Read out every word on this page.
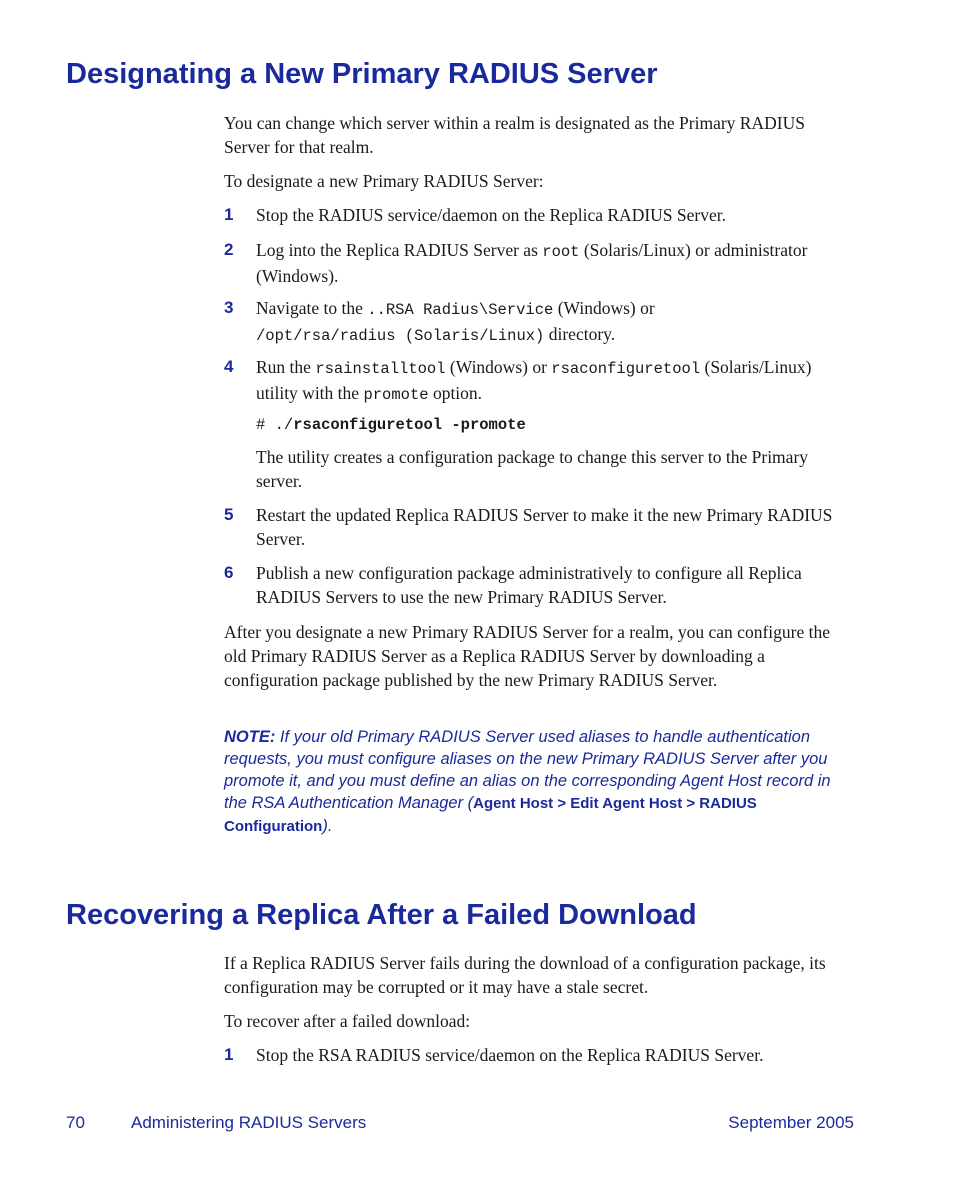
Designating a New Primary RADIUS Server

You can change which server within a realm is designated as the Primary RADIUS Server for that realm.

To designate a new Primary RADIUS Server:

1 Stop the RADIUS service/daemon on the Replica RADIUS Server.
2 Log into the Replica RADIUS Server as root (Solaris/Linux) or administrator (Windows).
3 Navigate to the ..RSA Radius\Service (Windows) or
/opt/rsa/radius (Solaris/Linux) directory.
4 Run the rsainstalltool (Windows) or rsaconfiguretool (Solaris/Linux) utility with the promote option.
# ./rsaconfiguretool -promote

The utility creates a configuration package to change this server to the Primary server.

5 Restart the updated Replica RADIUS Server to make it the new Primary RADIUS Server.
6 Publish a new configuration package administratively to configure all Replica RADIUS Servers to use the new Primary RADIUS Server.

After you designate a new Primary RADIUS Server for a realm, you can configure the old Primary RADIUS Server as a Replica RADIUS Server by downloading a configuration package published by the new Primary RADIUS Server.

NOTE: If your old Primary RADIUS Server used aliases to handle authentication requests, you must configure aliases on the new Primary RADIUS Server after you promote it, and you must define an alias on the corresponding Agent Host record in the RSA Authentication Manager (Agent Host > Edit Agent Host > RADIUS Configuration).
Recovering a Replica After a Failed Download

If a Replica RADIUS Server fails during the download of a configuration package, its configuration may be corrupted or it may have a stale secret.

To recover after a failed download:

1 Stop the RSA RADIUS service/daemon on the Replica RADIUS Server.
70	Administering RADIUS Servers	September 2005
